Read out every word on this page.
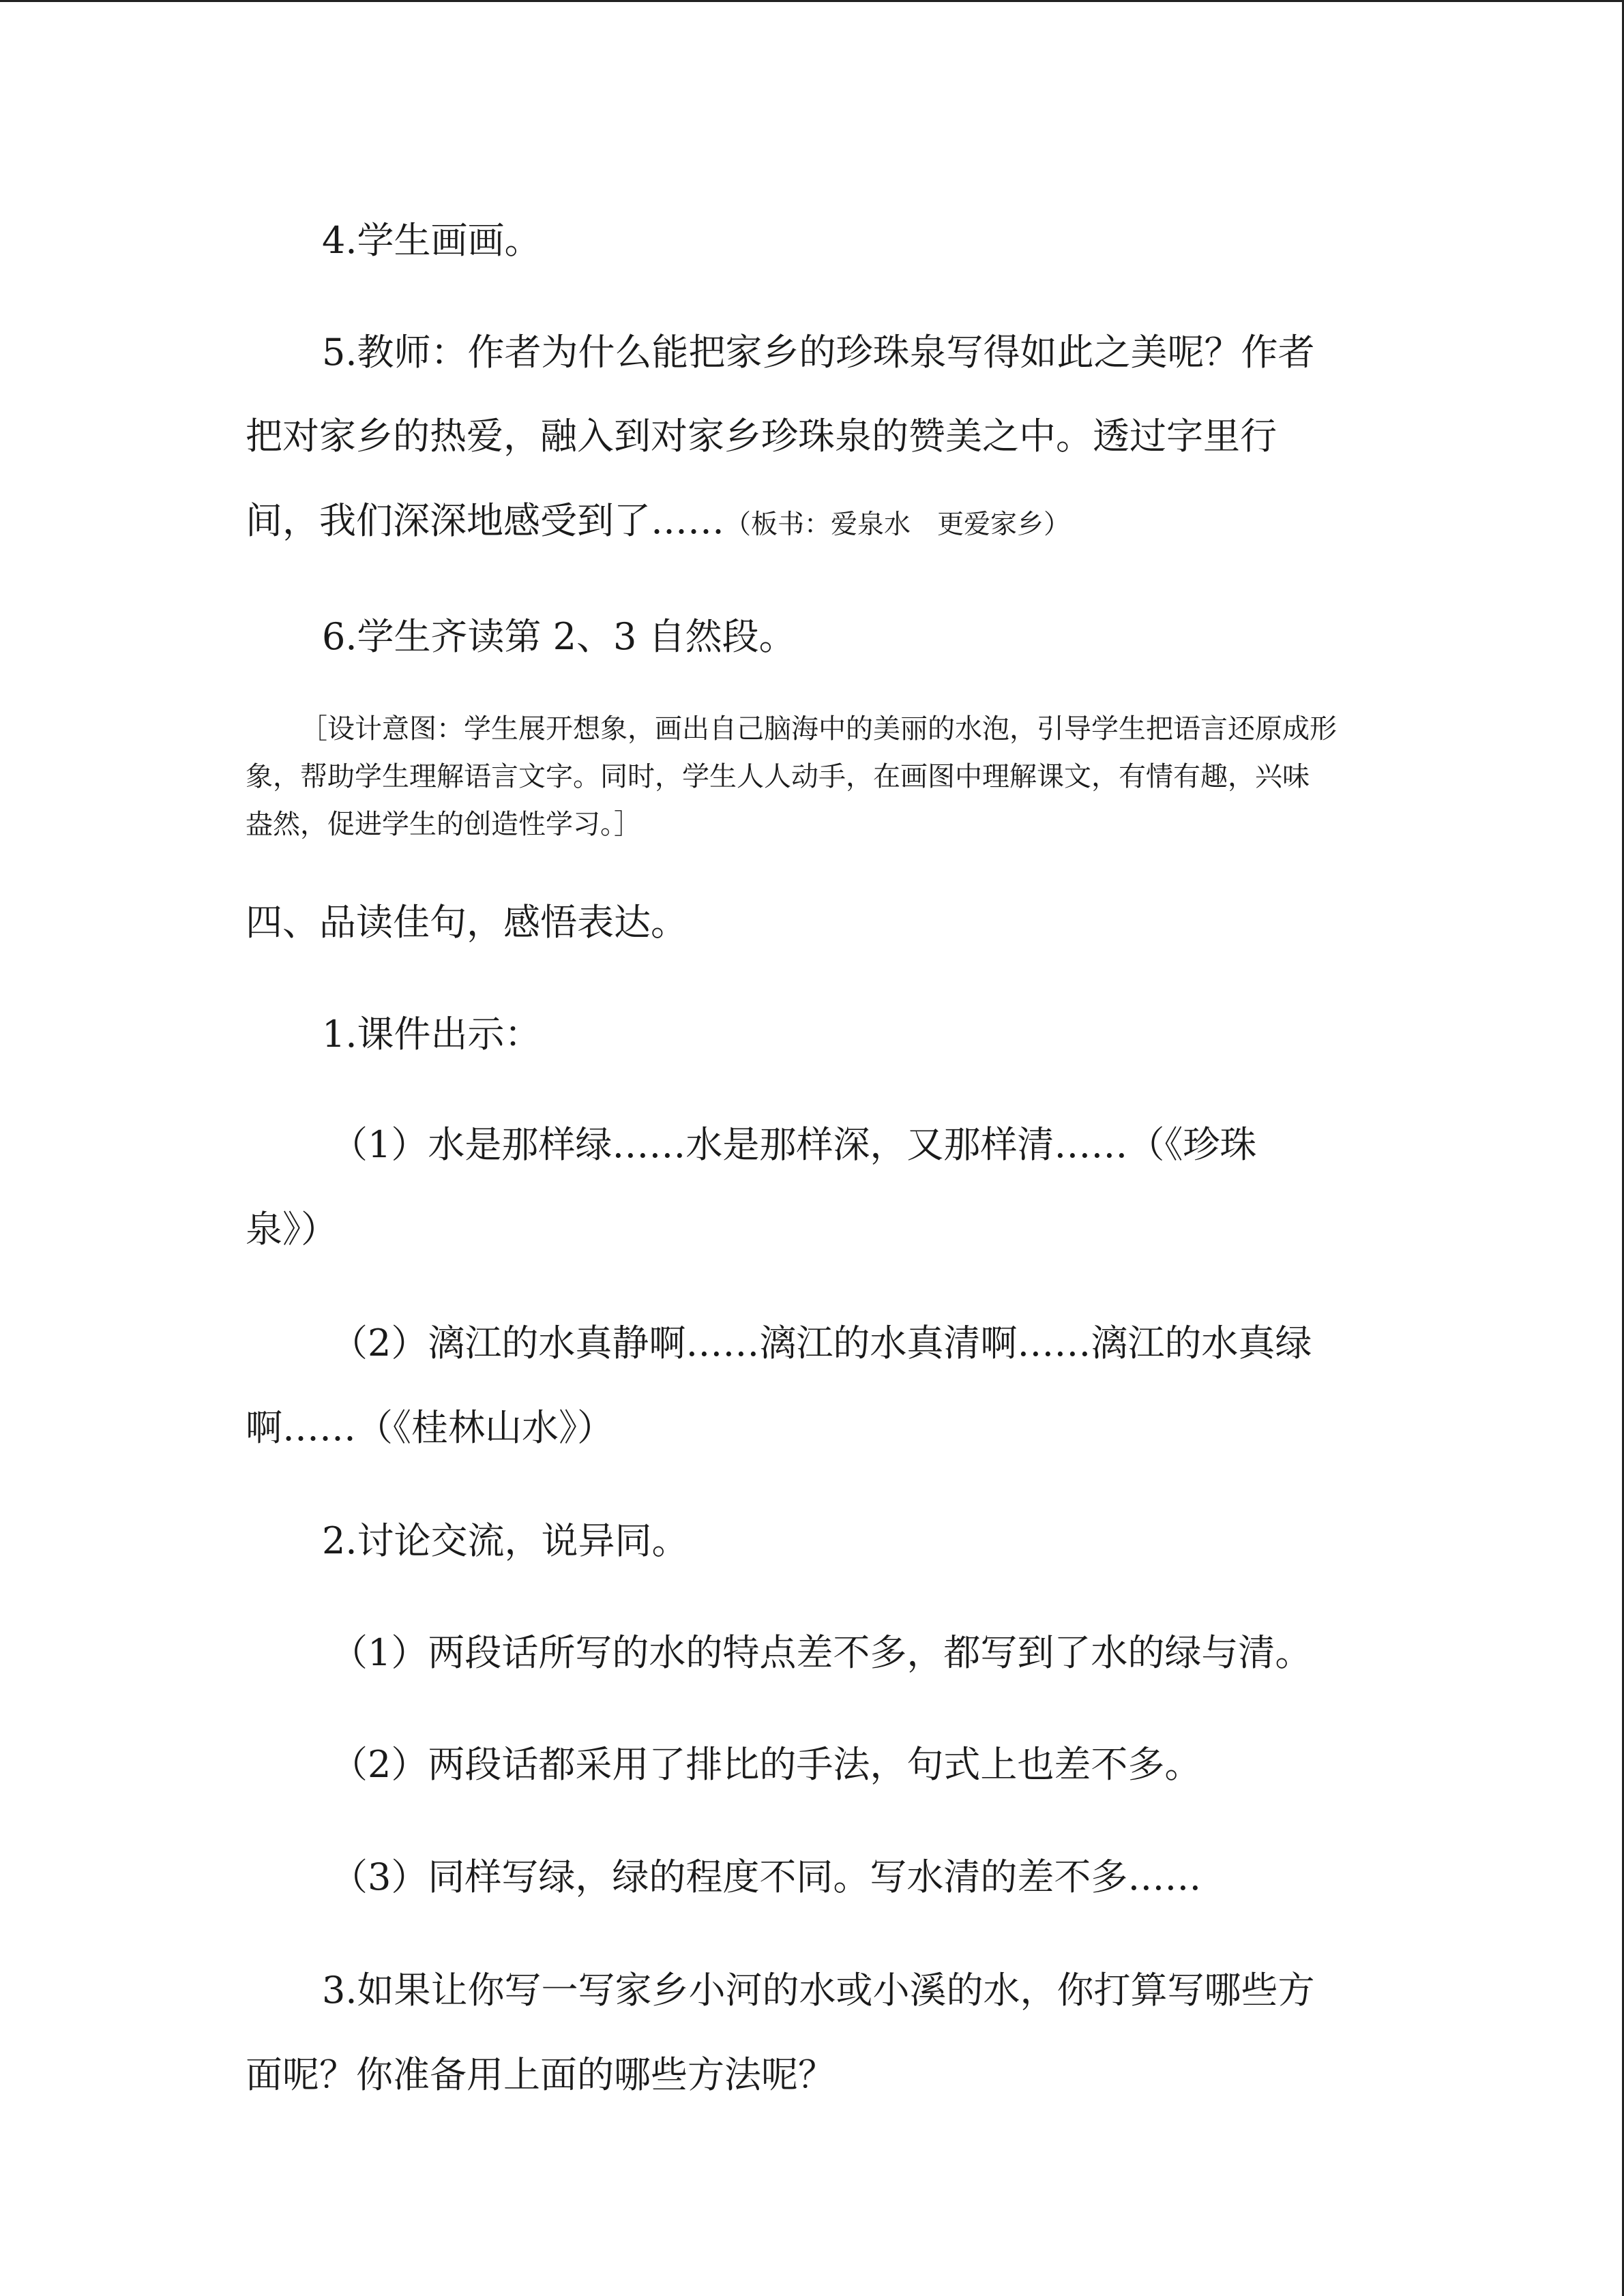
4.学生画画。
5.教师：作者为什么能把家乡的珍珠泉写得如此之美呢？作者
把对家乡的热爱，融入到对家乡珍珠泉的赞美之中。透过字里行
间，我们深深地感受到了……（板书：爱泉水　更爱家乡）
6.学生齐读第 2、3 自然段。
［设计意图：学生展开想象，画出自己脑海中的美丽的水泡，引导学生把语言还原成形
象，帮助学生理解语言文字。同时，学生人人动手，在画图中理解课文，有情有趣，兴味
盎然，促进学生的创造性学习。］
四、品读佳句，感悟表达。
1.课件出示：
（1）水是那样绿……水是那样深，又那样清……（《珍珠
泉》）
（2）漓江的水真静啊……漓江的水真清啊……漓江的水真绿
啊……（《桂林山水》）
2.讨论交流，说异同。
（1）两段话所写的水的特点差不多，都写到了水的绿与清。
（2）两段话都采用了排比的手法，句式上也差不多。
（3）同样写绿，绿的程度不同。写水清的差不多……
3.如果让你写一写家乡小河的水或小溪的水，你打算写哪些方
面呢？你准备用上面的哪些方法呢？
